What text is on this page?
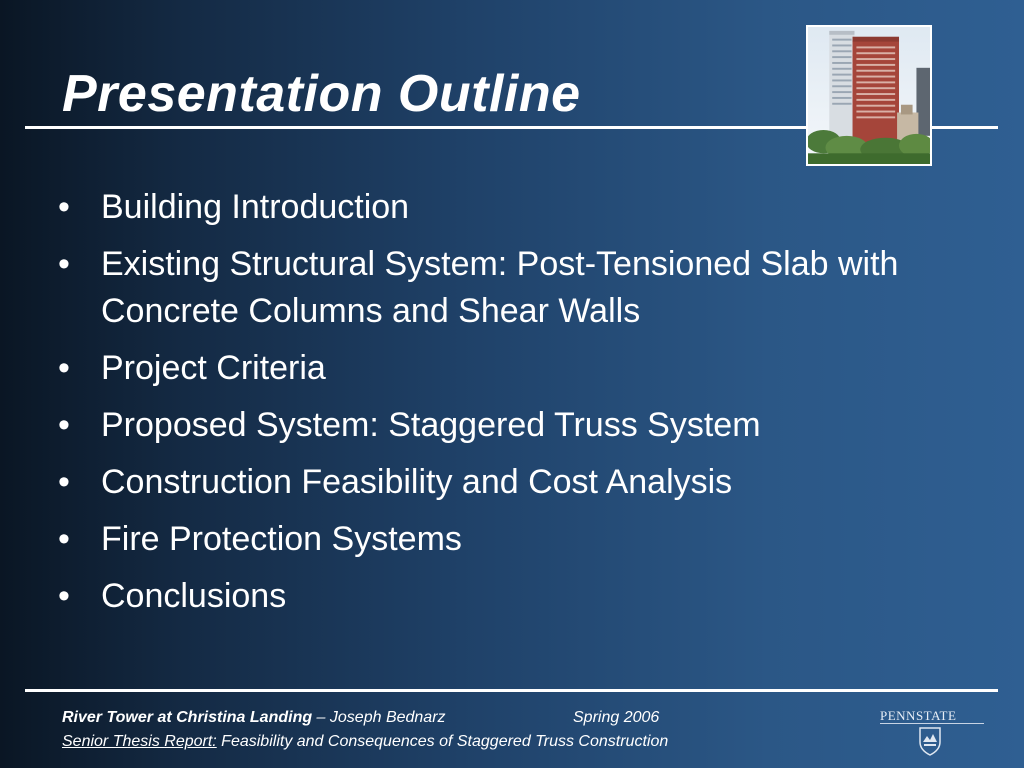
Presentation Outline
• Building Introduction
• Existing Structural System: Post-Tensioned Slab with Concrete Columns and Shear Walls
• Project Criteria
• Proposed System: Staggered Truss System
• Construction Feasibility and Cost Analysis
• Fire Protection Systems
• Conclusions
River Tower at Christina Landing – Joseph Bednarz	Spring 2006
Senior Thesis Report: Feasibility and Consequences of Staggered Truss Construction
PENNSTATE
